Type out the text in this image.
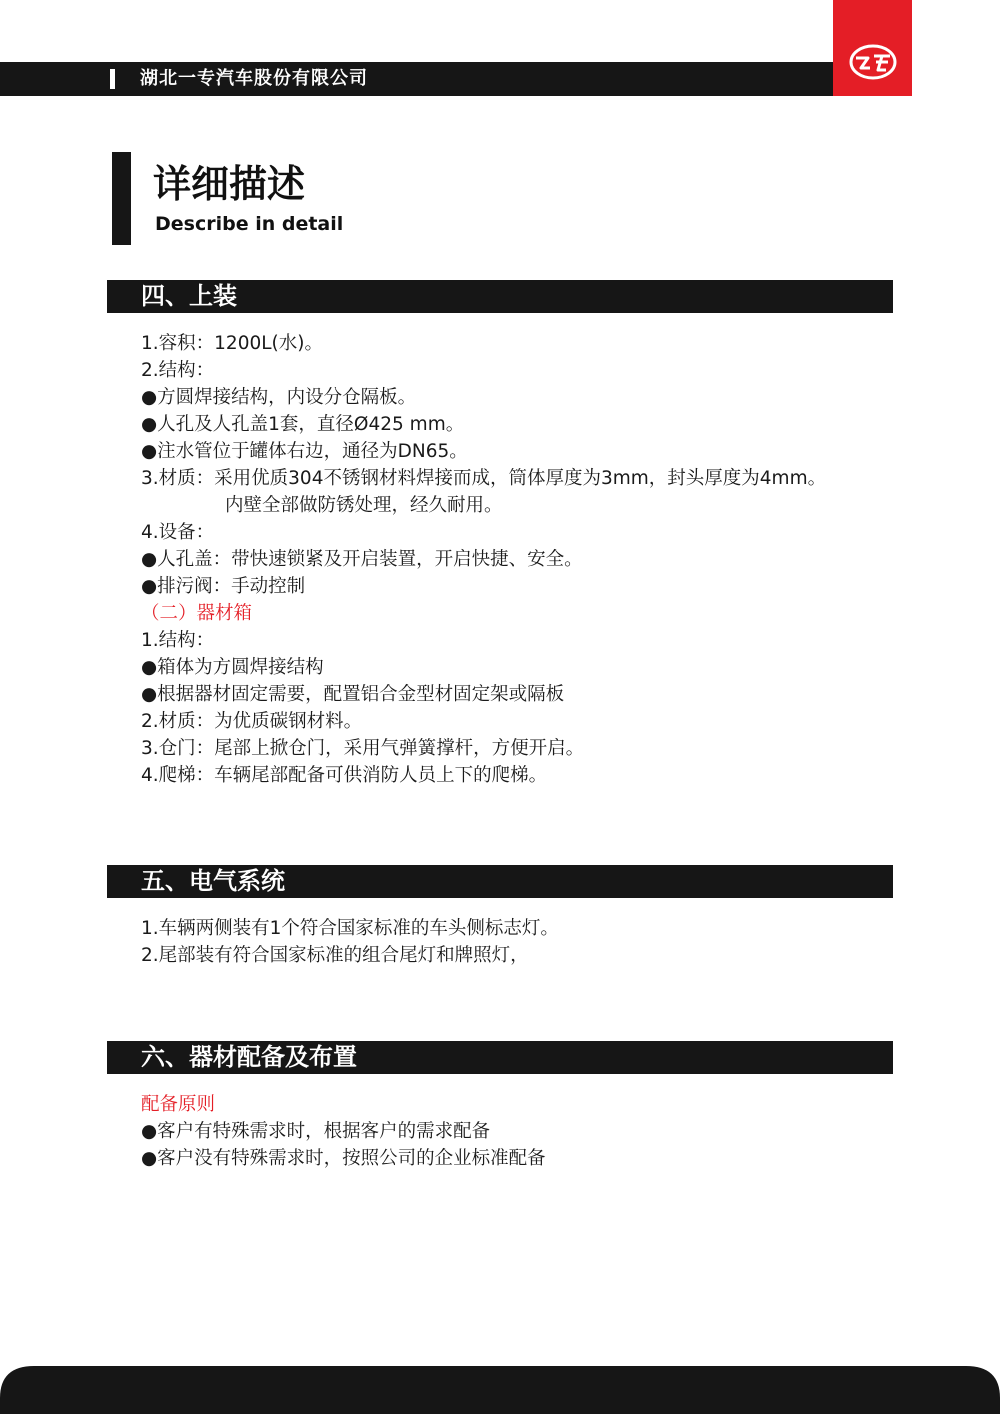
湖北一专汽车股份有限公司
详细描述
Describe in detail
四、上装
1.容积：1200L(水)。
2.结构：
●方圆焊接结构，内设分仓隔板。
●人孔及人孔盖1套，直径Ø425 mm。
●注水管位于罐体右边，通径为DN65。
3.材质：采用优质304不锈钢材料焊接而成，筒体厚度为3mm，封头厚度为4mm。
内壁全部做防锈处理，经久耐用。
4.设备：
●人孔盖：带快速锁紧及开启装置，开启快捷、安全。
●排污阀：手动控制
（二）器材箱
1.结构：
●箱体为方圆焊接结构
●根据器材固定需要，配置铝合金型材固定架或隔板
2.材质：为优质碳钢材料。
3.仓门：尾部上掀仓门，采用气弹簧撑杆，方便开启。
4.爬梯：车辆尾部配备可供消防人员上下的爬梯。
五、电气系统
1.车辆两侧装有1个符合国家标准的车头侧标志灯。
2.尾部装有符合国家标准的组合尾灯和牌照灯，
六、器材配备及布置
配备原则
●客户有特殊需求时，根据客户的需求配备
●客户没有特殊需求时，按照公司的企业标准配备
